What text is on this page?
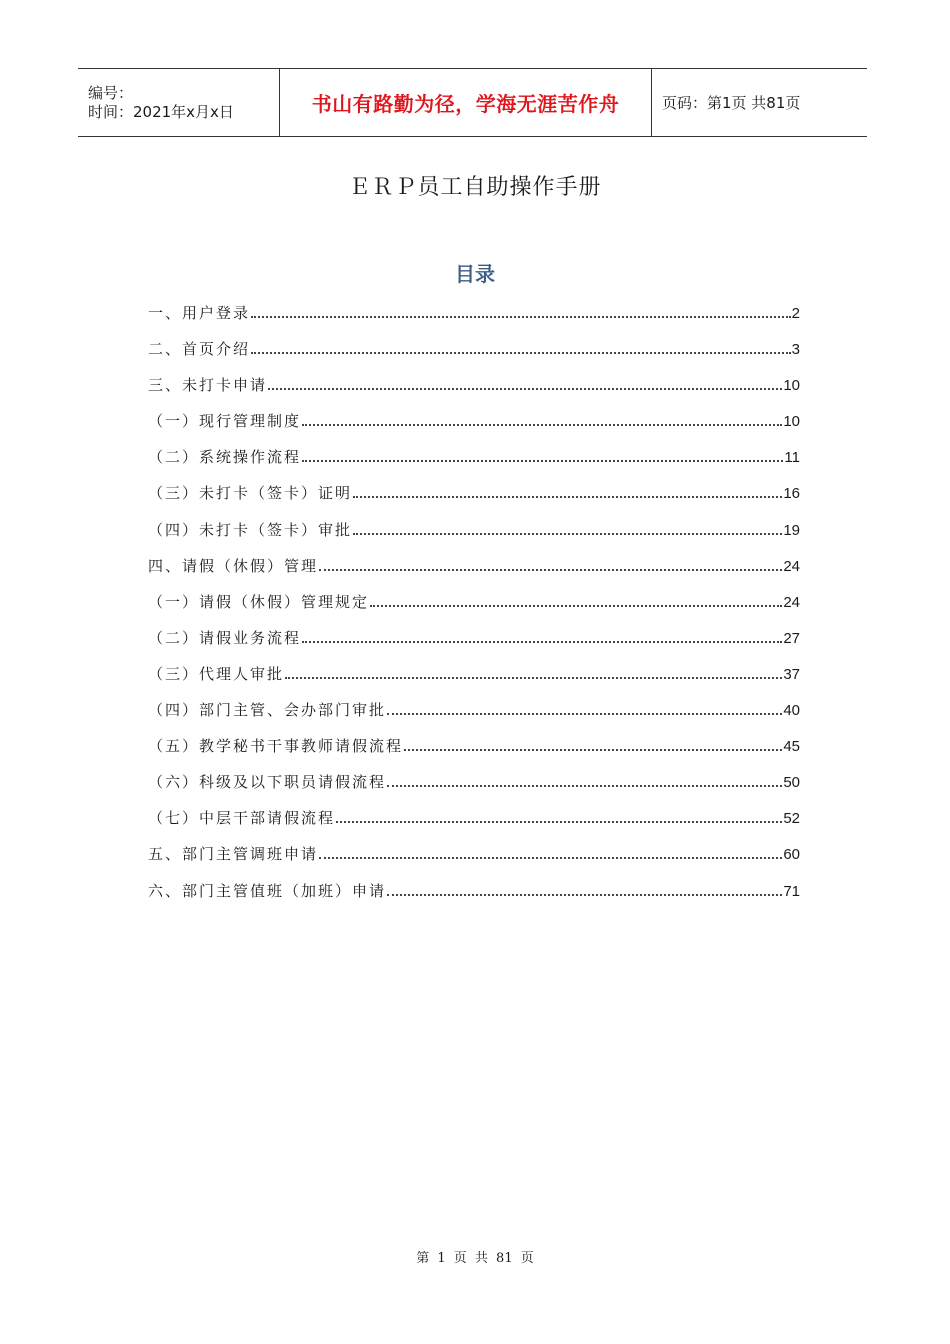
编号：
时间：2021年x月x日	书山有路勤为径，学海无涯苦作舟	页码：第1页 共81页
ＥＲＰ员工自助操作手册
目录
一、用户登录	2
二、首页介绍	3
三、未打卡申请	10
（一）现行管理制度	10
（二）系统操作流程	11
（三）未打卡（签卡）证明	16
（四）未打卡（签卡）审批	19
四、请假（休假）管理	24
（一）请假（休假）管理规定	24
（二）请假业务流程	27
（三）代理人审批	37
（四）部门主管、会办部门审批	40
（五）教学秘书干事教师请假流程	45
（六）科级及以下职员请假流程	50
（七）中层干部请假流程	52
五、部门主管调班申请	60
六、部门主管值班（加班）申请	71
第 1 页 共 81 页
